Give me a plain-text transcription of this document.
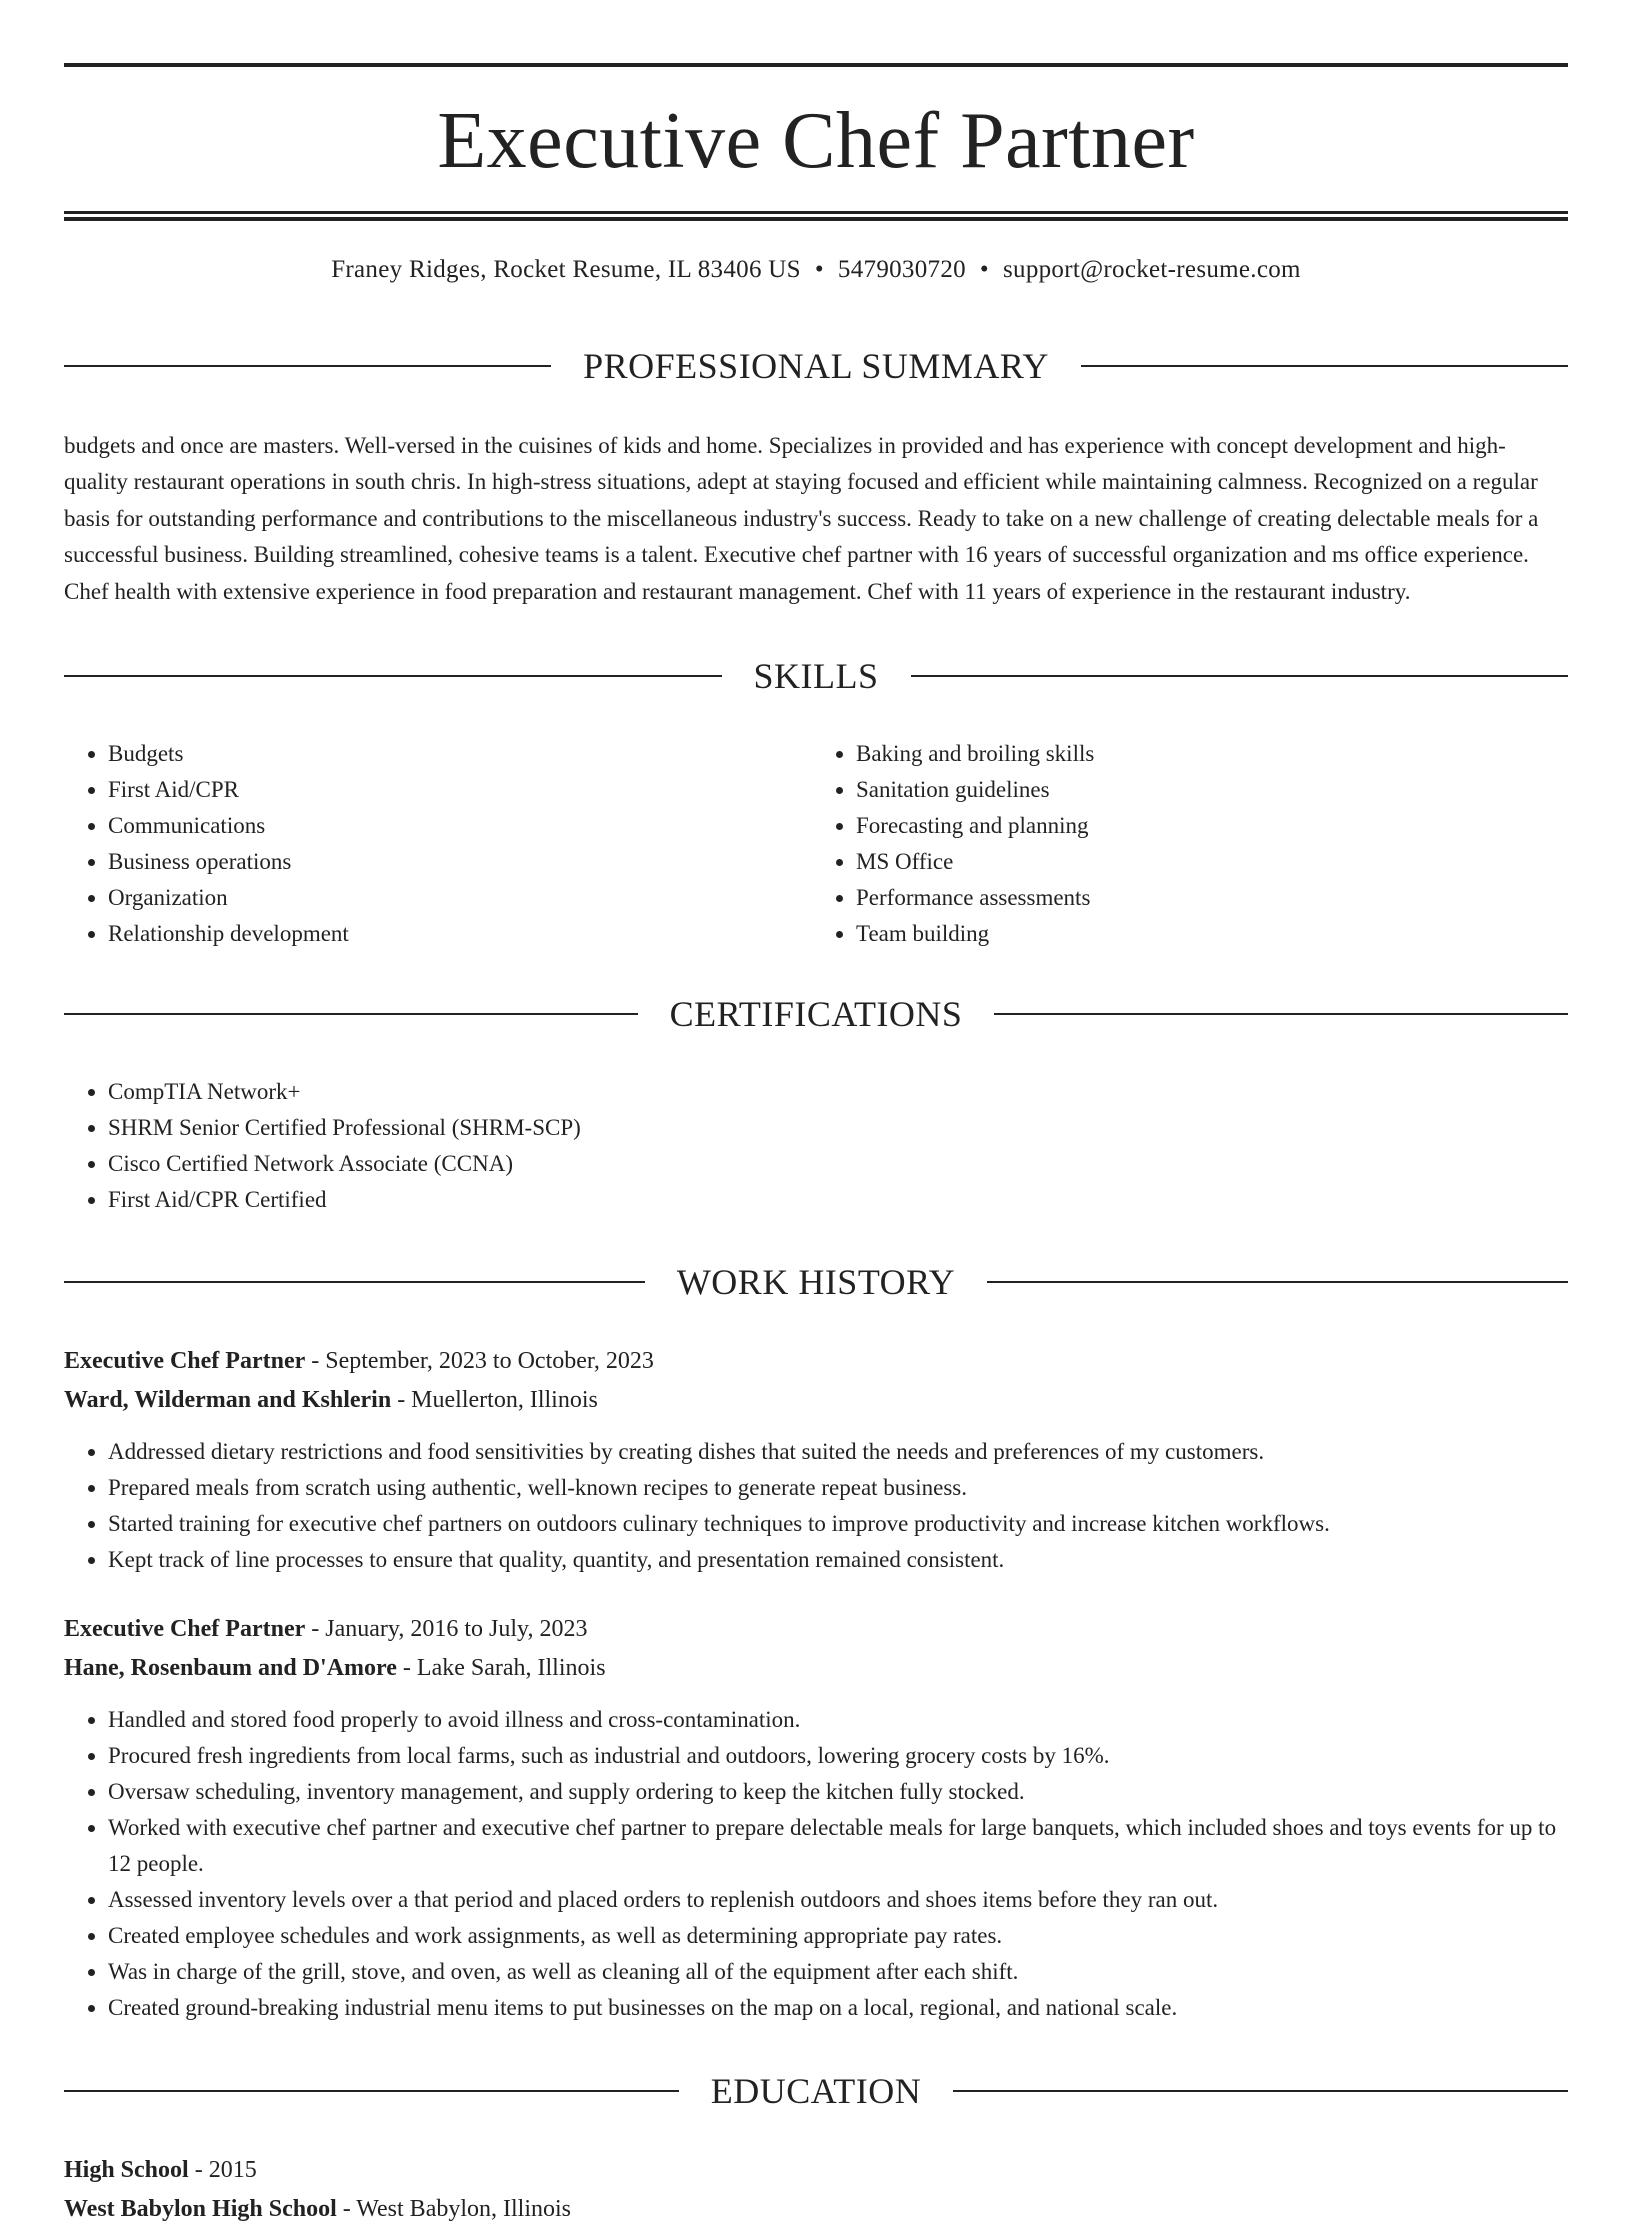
Executive Chef Partner
Franey Ridges, Rocket Resume, IL 83406 US • 5479030720 • support@rocket-resume.com
PROFESSIONAL SUMMARY

budgets and once are masters. Well-versed in the cuisines of kids and home. Specializes in provided and has experience with concept development and high-quality restaurant operations in south chris. In high-stress situations, adept at staying focused and efficient while maintaining calmness. Recognized on a regular basis for outstanding performance and contributions to the miscellaneous industry's success. Ready to take on a new challenge of creating delectable meals for a successful business. Building streamlined, cohesive teams is a talent. Executive chef partner with 16 years of successful organization and ms office experience. Chef health with extensive experience in food preparation and restaurant management. Chef with 11 years of experience in the restaurant industry.

SKILLS
• Budgets
• First Aid/CPR
• Communications
• Business operations
• Organization
• Relationship development
• Baking and broiling skills
• Sanitation guidelines
• Forecasting and planning
• MS Office
• Performance assessments
• Team building
CERTIFICATIONS
• CompTIA Network+
• SHRM Senior Certified Professional (SHRM-SCP)
• Cisco Certified Network Associate (CCNA)
• First Aid/CPR Certified
WORK HISTORY
Executive Chef Partner - September, 2023 to October, 2023
Ward, Wilderman and Kshlerin - Muellerton, Illinois
• Addressed dietary restrictions and food sensitivities by creating dishes that suited the needs and preferences of my customers.
• Prepared meals from scratch using authentic, well-known recipes to generate repeat business.
• Started training for executive chef partners on outdoors culinary techniques to improve productivity and increase kitchen workflows.
• Kept track of line processes to ensure that quality, quantity, and presentation remained consistent.
Executive Chef Partner - January, 2016 to July, 2023
Hane, Rosenbaum and D'Amore - Lake Sarah, Illinois
• Handled and stored food properly to avoid illness and cross-contamination.
• Procured fresh ingredients from local farms, such as industrial and outdoors, lowering grocery costs by 16%.
• Oversaw scheduling, inventory management, and supply ordering to keep the kitchen fully stocked.
• Worked with executive chef partner and executive chef partner to prepare delectable meals for large banquets, which included shoes and toys events for up to 12 people.
• Assessed inventory levels over a that period and placed orders to replenish outdoors and shoes items before they ran out.
• Created employee schedules and work assignments, as well as determining appropriate pay rates.
• Was in charge of the grill, stove, and oven, as well as cleaning all of the equipment after each shift.
• Created ground-breaking industrial menu items to put businesses on the map on a local, regional, and national scale.
EDUCATION
High School - 2015
West Babylon High School - West Babylon, Illinois
